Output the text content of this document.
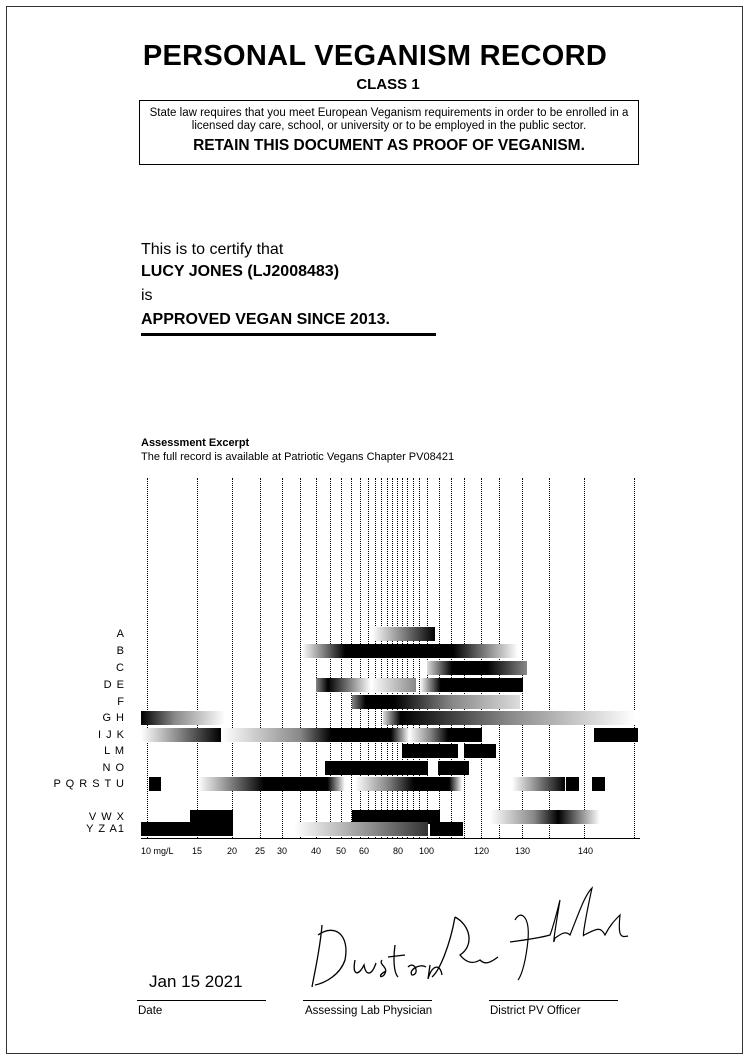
PERSONAL VEGANISM RECORD
CLASS 1
State law requires that you meet European Veganism requirements in order to be enrolled in a licensed day care, school, or university or to be employed in the public sector.
RETAIN THIS DOCUMENT AS PROOF OF VEGANISM.
This is to certify that
LUCY JONES (LJ2008483)
is
APPROVED VEGAN SINCE 2013.
Assessment Excerpt
The full record is available at Patriotic Vegans Chapter PV08421
Jan 15 2021
Date	Assessing Lab Physician	District PV Officer
A
B
C
D E
F
G H
I J K
L M
N O
P Q R S T U
V W X
Y Z A1
10 mg/L 15	20 25 30	40 50 60	80 100	120	130	140
